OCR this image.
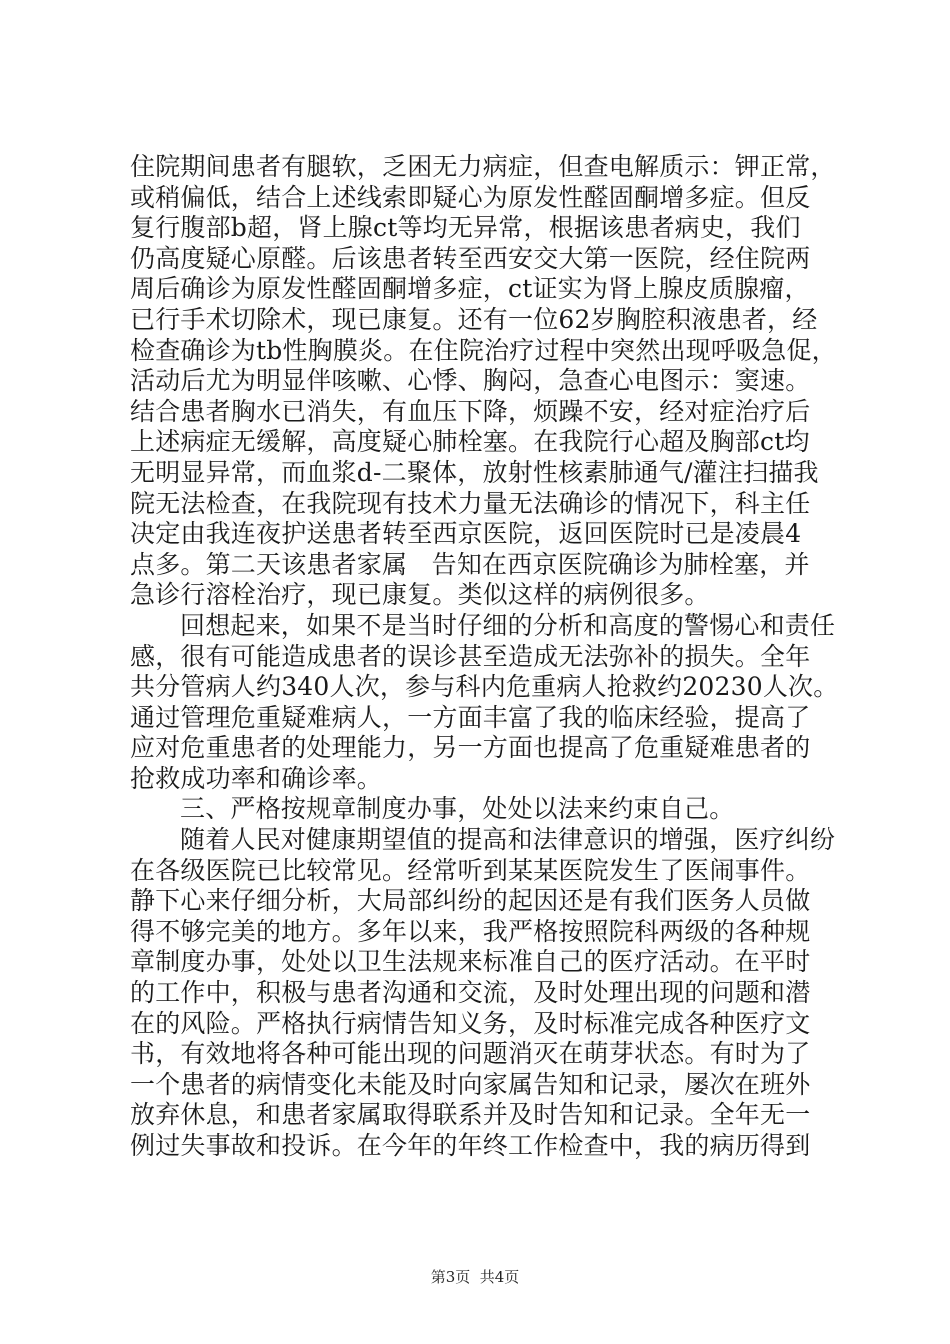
住院期间患者有腿软，乏困无力病症，但查电解质示：钾正常，
或稍偏低，结合上述线索即疑心为原发性醛固酮增多症。但反
复行腹部b超，肾上腺ct等均无异常，根据该患者病史，我们
仍高度疑心原醛。后该患者转至西安交大第一医院，经住院两
周后确诊为原发性醛固酮增多症，ct证实为肾上腺皮质腺瘤，
已行手术切除术，现已康复。还有一位62岁胸腔积液患者，经
检查确诊为tb性胸膜炎。在住院治疗过程中突然出现呼吸急促，
活动后尤为明显伴咳嗽、心悸、胸闷，急查心电图示：窦速。
结合患者胸水已消失，有血压下降，烦躁不安，经对症治疗后
上述病症无缓解，高度疑心肺栓塞。在我院行心超及胸部ct均
无明显异常，而血浆d-二聚体，放射性核素肺通气/灌注扫描我
院无法检查，在我院现有技术力量无法确诊的情况下，科主任
决定由我连夜护送患者转至西京医院，返回医院时已是凌晨4
点多。第二天该患者家属   告知在西京医院确诊为肺栓塞，并
急诊行溶栓治疗，现已康复。类似这样的病例很多。
回想起来，如果不是当时仔细的分析和高度的警惕心和责任
感，很有可能造成患者的误诊甚至造成无法弥补的损失。全年
共分管病人约340人次，参与科内危重病人抢救约20230人次。
通过管理危重疑难病人，一方面丰富了我的临床经验，提高了
应对危重患者的处理能力，另一方面也提高了危重疑难患者的
抢救成功率和确诊率。
三、严格按规章制度办事，处处以法来约束自己。
随着人民对健康期望值的提高和法律意识的增强，医疗纠纷
在各级医院已比较常见。经常听到某某医院发生了医闹事件。
静下心来仔细分析，大局部纠纷的起因还是有我们医务人员做
得不够完美的地方。多年以来，我严格按照院科两级的各种规
章制度办事，处处以卫生法规来标准自己的医疗活动。在平时
的工作中，积极与患者沟通和交流，及时处理出现的问题和潜
在的风险。严格执行病情告知义务，及时标准完成各种医疗文
书，有效地将各种可能出现的问题消灭在萌芽状态。有时为了
一个患者的病情变化未能及时向家属告知和记录，屡次在班外
放弃休息，和患者家属取得联系并及时告知和记录。全年无一
例过失事故和投诉。在今年的年终工作检查中，我的病历得到
第3页  共4页
